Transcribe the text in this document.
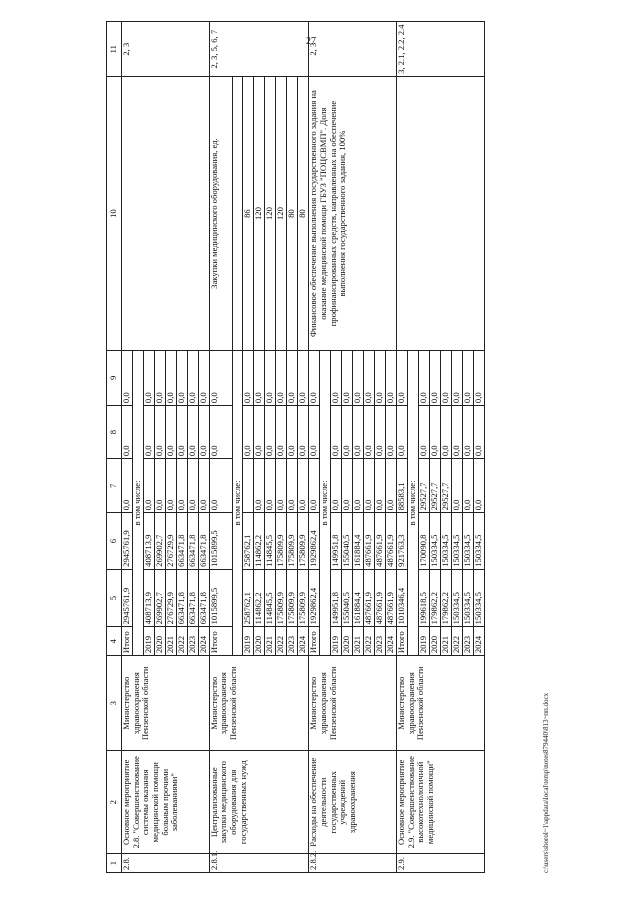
27
1	2	3	4	5	6	7	8	9	10	11
2.8.	Основное мероприятие 2.8. "Совершенствование системы оказания медицинской помощи больным прочими заболеваниями"	Министерство здравоохранения Пензенской области	Итого	2945761,9	2945761,9	0,0	0,0	0,0		2, 3
			в том числе:							
			2019	408713,9	408713,9	0,0	0,0	0,0		
			2020	269902,7	269902,7	0,0	0,0	0,0		
			2021	276729,9	276729,9	0,0	0,0	0,0		
			2022	663471,8	663471,8	0,0	0,0	0,0		
			2023	663471,8	663471,8	0,0	0,0	0,0		
			2024	663471,8	663471,8	0,0	0,0	0,0		
2.8.1.	Централизованные закупки медицинского оборудования для государственных нужд	Министерство здравоохранения Пензенской области	Итого	1015899,5	1015899,5	0,0	0,0	0,0	Закупки медицинского оборудования, ед.	2, 3, 5, 6, 7
			в том числе:							
			2019	258762,1	258762,1		0,0	0,0	86	
			2020	114862,2	114862,2	0,0	0,0	0,0	120	
			2021	114845,5	114845,5	0,0	0,0	0,0	120	
			2022	175809,9	175809,9	0,0	0,0	0,0	120	
			2023	175809,9	175809,9	0,0	0,0	0,0	80	
			2024	175809,9	175809,9	0,0	0,0	0,0	80	
2.8.2.	Расходы на обеспечение деятельности государственных учреждений здравоохранения	Министерство здравоохранения Пензенской области	Итого	1929862,4	1929862,4	0,0	0,0	0,0	Финансовое обеспечение выполнения государственного задания на оказание медицинской помощи ГБУЗ "ПОЦСВМП". Доля профинансированных средств, направленных на обеспечение выполнения государственного задания, 100%	2, 3
			в том числе:							
			2019	149951,8	149951,8	0,0	0,0	0,0		
			2020	155040,5	155040,5	0,0	0,0	0,0		
			2021	161884,4	161884,4	0,0	0,0	0,0		
			2022	487661,9	487661,9	0,0	0,0	0,0		
			2023	487661,9	487661,9	0,0	0,0	0,0		
			2024	487661,9	487661,9	0,0	0,0	0,0		
2.9.	Основное мероприятие 2.9. "Совершенствование высокотехнологичной медицинской помощи"	Министерство здравоохранения Пензенской области	Итого	1010346,4	921763,3	88583,1	0,0	0,0		3, 2.1, 2.2, 2.4
			в том числе:							
			2019	199618,5	170090,8	29527,7	0,0	0,0		
			2020	179862,2	150334,5	29527,7	0,0	0,0		
			2021	179862,2	150334,5	29527,7	0,0	0,0		
			2022	150334,5	150334,5	0,0	0,0	0,0		
			2023	150334,5	150334,5	0,0	0,0	0,0		
			2024	150334,5	150334,5	0,0	0,0	0,0		
c:\users\sborol~1\appdata\local\temp\notes879440\813~пп.docx
